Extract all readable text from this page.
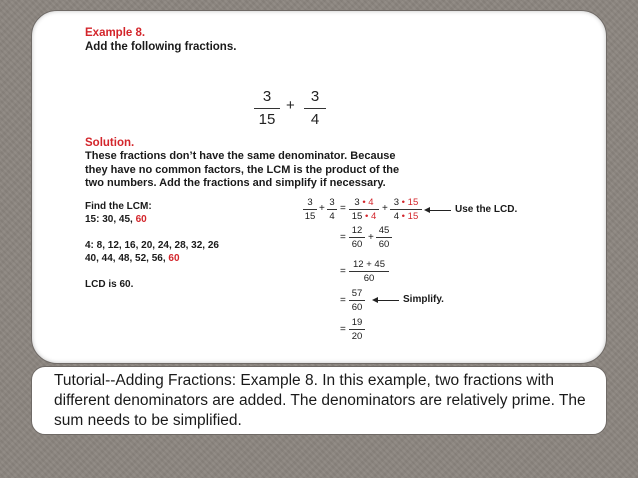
Example 8.
Add the following fractions.
3
15
+
3
4
Solution.
These fractions don’t have the same denominator. Because
they have no common factors, the LCM is the product of the
two numbers. Add the fractions and simplify if necessary.
Find the LCM:
15: 30, 45, 60
4: 8, 12, 16, 20, 24, 28, 32, 26
40, 44, 48, 52, 56, 60
LCD is 60.
3
15
+
3
4
=
3 • 4
15 • 4
+
3 • 15
4 • 15
Use the LCD.
=
12
60
+
45
60
=
12 + 45
60
=
57
60
Simplify.
=
19
20
Tutorial--Adding Fractions: Example 8. In this example, two fractions with different denominators are added. The denominators are relatively prime. The sum needs to be simplified.
